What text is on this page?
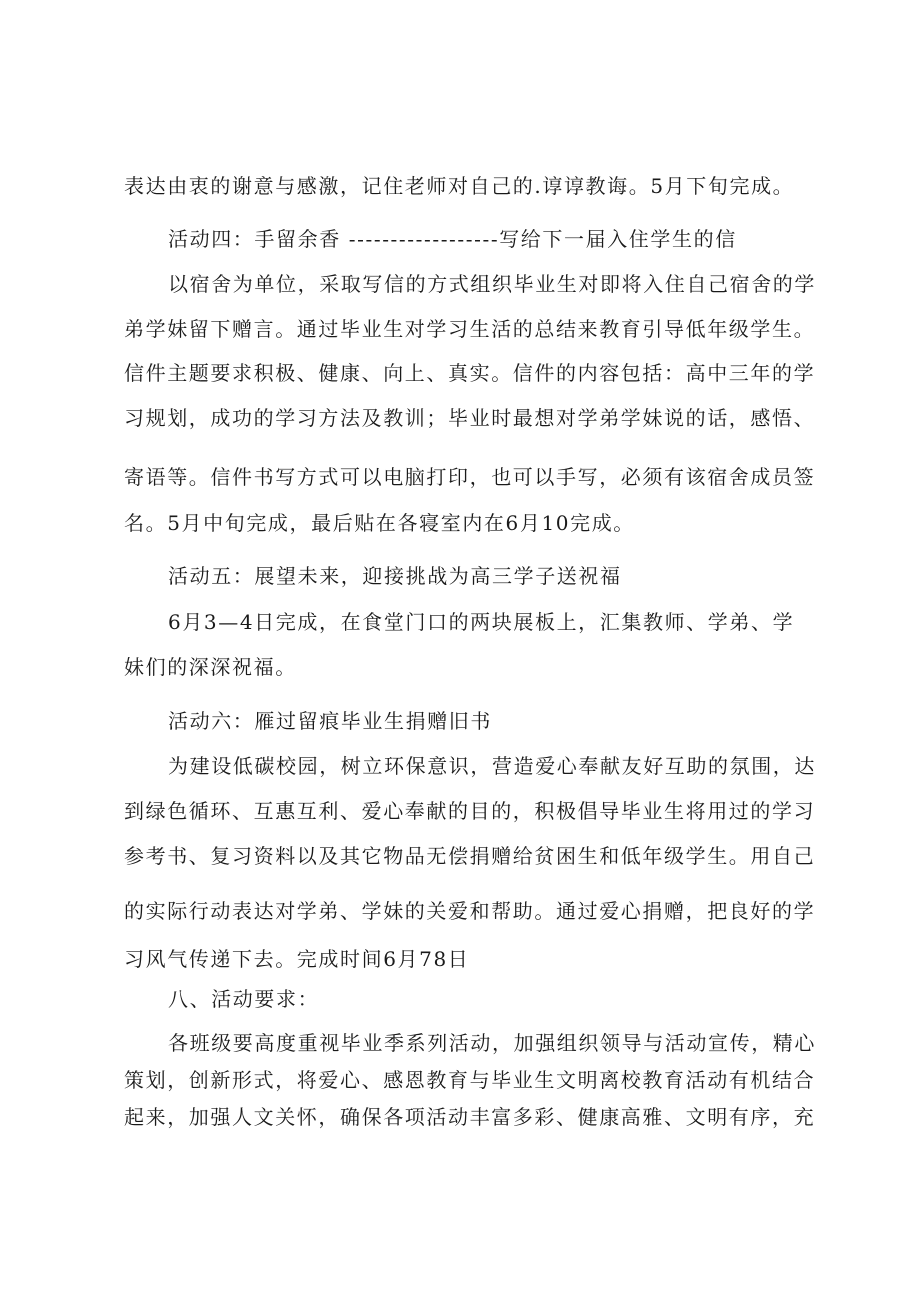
表达由衷的谢意与感激，记住老师对自己的.谆谆教诲。5月下旬完成。
活动四：手留余香 ------------------写给下一届入住学生的信
以宿舍为单位，采取写信的方式组织毕业生对即将入住自己宿舍的学
弟学妹留下赠言。通过毕业生对学习生活的总结来教育引导低年级学生。
信件主题要求积极、健康、向上、真实。信件的内容包括：高中三年的学
习规划，成功的学习方法及教训；毕业时最想对学弟学妹说的话，感悟、
寄语等。信件书写方式可以电脑打印，也可以手写，必须有该宿舍成员签
名。5月中旬完成，最后贴在各寝室内在6月10完成。
活动五：展望未来，迎接挑战为高三学子送祝福
6月3—4日完成，在食堂门口的两块展板上，汇集教师、学弟、学
妹们的深深祝福。
活动六：雁过留痕毕业生捐赠旧书
为建设低碳校园，树立环保意识，营造爱心奉献友好互助的氛围，达
到绿色循环、互惠互利、爱心奉献的目的，积极倡导毕业生将用过的学习
参考书、复习资料以及其它物品无偿捐赠给贫困生和低年级学生。用自己
的实际行动表达对学弟、学妹的关爱和帮助。通过爱心捐赠，把良好的学
习风气传递下去。完成时间6月78日
八、活动要求：
各班级要高度重视毕业季系列活动，加强组织领导与活动宣传，精心
策划，创新形式，将爱心、感恩教育与毕业生文明离校教育活动有机结合
起来，加强人文关怀，确保各项活动丰富多彩、健康高雅、文明有序，充
